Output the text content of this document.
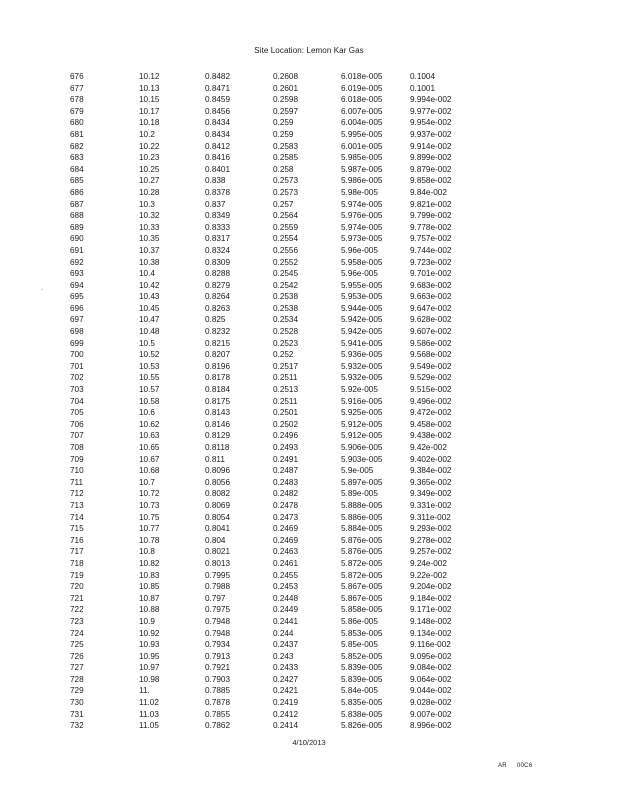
Site Location: Lemon Kar Gas
676	10.12	0.8482	0.2608	6.018e-005	0.1004
677	10.13	0.8471	0.2601	6.019e-005	0.1001
678	10.15	0.8459	0.2598	6.018e-005	9.994e-002
679	10.17	0.8456	0.2597	6.007e-005	9.977e-002
680	10.18	0.8434	0.259	6.004e-005	9.954e-002
681	10.2	0.8434	0.259	5.995e-005	9.937e-002
682	10.22	0.8412	0.2583	6.001e-005	9.914e-002
683	10.23	0.8416	0.2585	5.985e-005	9.899e-002
684	10.25	0.8401	0.258	5.987e-005	9.879e-002
685	10.27	0.838	0.2573	5.986e-005	9.858e-002
686	10.28	0.8378	0.2573	5.98e-005	9.84e-002
687	10.3	0.837	0.257	5.974e-005	9.821e-002
688	10.32	0.8349	0.2564	5.976e-005	9.799e-002
689	10.33	0.8333	0.2559	5.974e-005	9.778e-002
690	10.35	0.8317	0.2554	5.973e-005	9.757e-002
691	10.37	0.8324	0.2556	5.96e-005	9.744e-002
692	10.38	0.8309	0.2552	5.958e-005	9.723e-002
693	10.4	0.8288	0.2545	5.96e-005	9.701e-002
694	10.42	0.8279	0.2542	5.955e-005	9.683e-002
695	10.43	0.8264	0.2538	5.953e-005	9.663e-002
696	10.45	0.8263	0.2538	5.944e-005	9.647e-002
697	10.47	0.825	0.2534	5.942e-005	9.628e-002
698	10.48	0.8232	0.2528	5.942e-005	9.607e-002
699	10.5	0.8215	0.2523	5.941e-005	9.586e-002
700	10.52	0.8207	0.252	5.936e-005	9.568e-002
701	10.53	0.8196	0.2517	5.932e-005	9.549e-002
702	10.55	0.8178	0.2511	5.932e-005	9.529e-002
703	10.57	0.8184	0.2513	5.92e-005	9.515e-002
704	10.58	0.8175	0.2511	5.916e-005	9.496e-002
705	10.6	0.8143	0.2501	5.925e-005	9.472e-002
706	10.62	0.8146	0.2502	5.912e-005	9.458e-002
707	10.63	0.8129	0.2496	5.912e-005	9.438e-002
708	10.65	0.8118	0.2493	5.906e-005	9.42e-002
709	10.67	0.811	0.2491	5.903e-005	9.402e-002
710	10.68	0.8096	0.2487	5.9e-005	9.384e-002
711	10.7	0.8056	0.2483	5.897e-005	9.365e-002
712	10.72	0.8082	0.2482	5.89e-005	9.349e-002
713	10.73	0.8069	0.2478	5.888e-005	9.331e-002
714	10.75	0.8054	0.2473	5.886e-005	9.311e-002
715	10.77	0.8041	0.2469	5.884e-005	9.293e-002
716	10.78	0.804	0.2469	5.876e-005	9.278e-002
717	10.8	0.8021	0.2463	5.876e-005	9.257e-002
718	10.82	0.8013	0.2461	5.872e-005	9.24e-002
719	10.83	0.7995	0.2455	5.872e-005	9.22e-002
720	10.85	0.7988	0.2453	5.867e-005	9.204e-002
721	10.87	0.797	0.2448	5.867e-005	9.184e-002
722	10.88	0.7975	0.2449	5.858e-005	9.171e-002
723	10.9	0.7948	0.2441	5.86e-005	9.148e-002
724	10.92	0.7948	0.244	5.853e-005	9.134e-002
725	10.93	0.7934	0.2437	5.85e-005	9.116e-002
726	10.95	0.7913	0.243	5.852e-005	9.095e-002
727	10.97	0.7921	0.2433	5.839e-005	9.084e-002
728	10.98	0.7903	0.2427	5.839e-005	9.064e-002
729	11.	0.7885	0.2421	5.84e-005	9.044e-002
730	11.02	0.7878	0.2419	5.835e-005	9.028e-002
731	11.03	0.7855	0.2412	5.838e-005	9.007e-002
732	11.05	0.7862	0.2414	5.826e-005	8.996e-002
4/10/2013
AR 00C6
